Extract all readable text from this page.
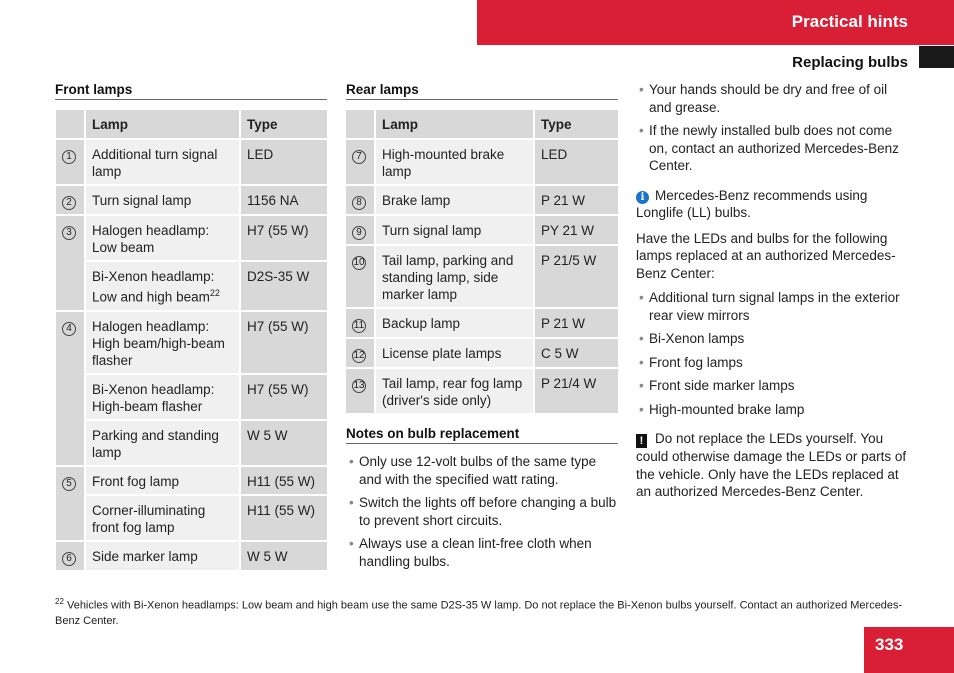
Practical hints
Replacing bulbs
Front lamps
	Lamp	Type
1	Additional turn signal lamp	LED
2	Turn signal lamp	1156 NA
3	Halogen headlamp: Low beam	H7 (55 W)
	Bi-Xenon headlamp: Low and high beam$^{22}$	D2S-35 W
4	Halogen headlamp: High beam/high-beam flasher	H7 (55 W)
	Bi-Xenon headlamp: High-beam flasher	H7 (55 W)
	Parking and standing lamp	W 5 W
5	Front fog lamp	H11 (55 W)
	Corner-illuminating front fog lamp	H11 (55 W)
6	Side marker lamp	W 5 W
Rear lamps
	Lamp	Type
7	High-mounted brake lamp	LED
8	Brake lamp	P 21 W
9	Turn signal lamp	PY 21 W
10	Tail lamp, parking and standing lamp, side marker lamp	P 21/5 W
11	Backup lamp	P 21 W
12	License plate lamps	C 5 W
13	Tail lamp, rear fog lamp (driver's side only)	P 21/4 W
Notes on bulb replacement
• Only use 12-volt bulbs of the same type and with the specified watt rating.
• Switch the lights off before changing a bulb to prevent short circuits.
• Always use a clean lint-free cloth when handling bulbs.
• Your hands should be dry and free of oil and grease.
• If the newly installed bulb does not come on, contact an authorized Mercedes-Benz Center.
i Mercedes-Benz recommends using Longlife (LL) bulbs.
Have the LEDs and bulbs for the following lamps replaced at an authorized Mercedes-Benz Center:
• Additional turn signal lamps in the exterior rear view mirrors
• Bi-Xenon lamps
• Front fog lamps
• Front side marker lamps
• High-mounted brake lamp
! Do not replace the LEDs yourself. You could otherwise damage the LEDs or parts of the vehicle. Only have the LEDs replaced at an authorized Mercedes-Benz Center.
$^{22}$ Vehicles with Bi-Xenon headlamps: Low beam and high beam use the same D2S-35 W lamp. Do not replace the Bi-Xenon bulbs yourself. Contact an authorized Mercedes-Benz Center.
333
